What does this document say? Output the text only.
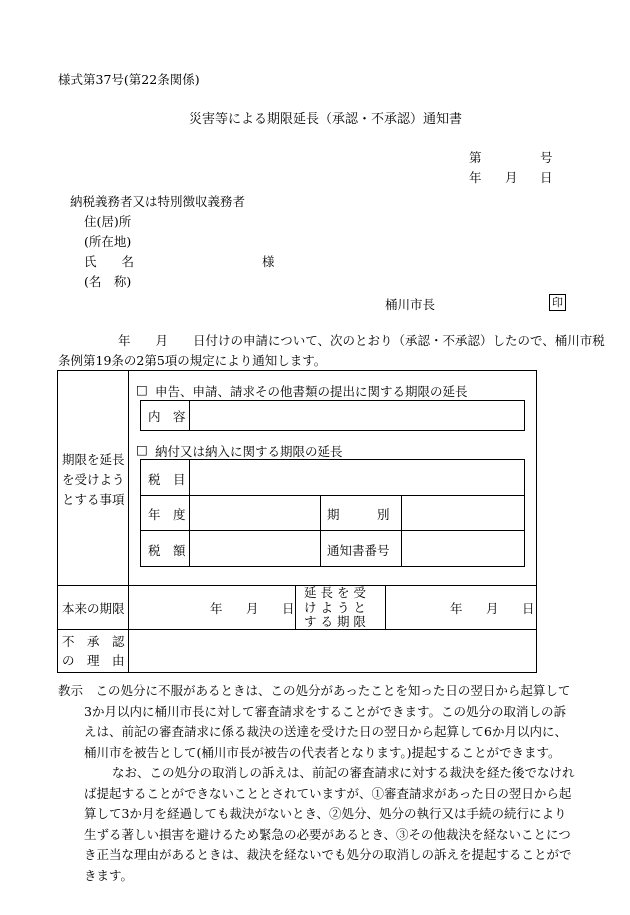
様式第37号(第22条関係)
災害等による期限延長（承認・不承認）通知書
第	号
年 月 日
納税義務者又は特別徴収義務者
住(居)所
(所在地)
氏　　名	様
(名　称)
桶川市長	印
年　　月　　日付けの申請について、次のとおり（承認・不承認）したので、桶川市税
条例第19条の2第5項の規定により通知します。
期限を延長
を受けよう
とする事項
□ 申告、申請、請求その他書類の提出に関する期限の延長
内　容
□ 納付又は納入に関する期限の延長
税　目
年　度	期　　　別
税　額	通知書番号
本来の期限	年 月 日
延 長 を 受
け よ う と
す る 期 限
年 月 日
不　承　認
の　理　由

教示　この処分に不服があるときは、この処分があったことを知った日の翌日から起算して3か月以内に桶川市長に対して審査請求をすることができます。この処分の取消しの訴えは、前記の審査請求に係る裁決の送達を受けた日の翌日から起算して6か月以内に、桶川市を被告として(桶川市長が被告の代表者となります。)提起することができます。

なお、この処分の取消しの訴えは、前記の審査請求に対する裁決を経た後でなければ提起することができないこととされていますが、①審査請求があった日の翌日から起算して3か月を経過しても裁決がないとき、②処分、処分の執行又は手続の続行により生ずる著しい損害を避けるため緊急の必要があるとき、③その他裁決を経ないことにつき正当な理由があるときは、裁決を経ないでも処分の取消しの訴えを提起することができます。
